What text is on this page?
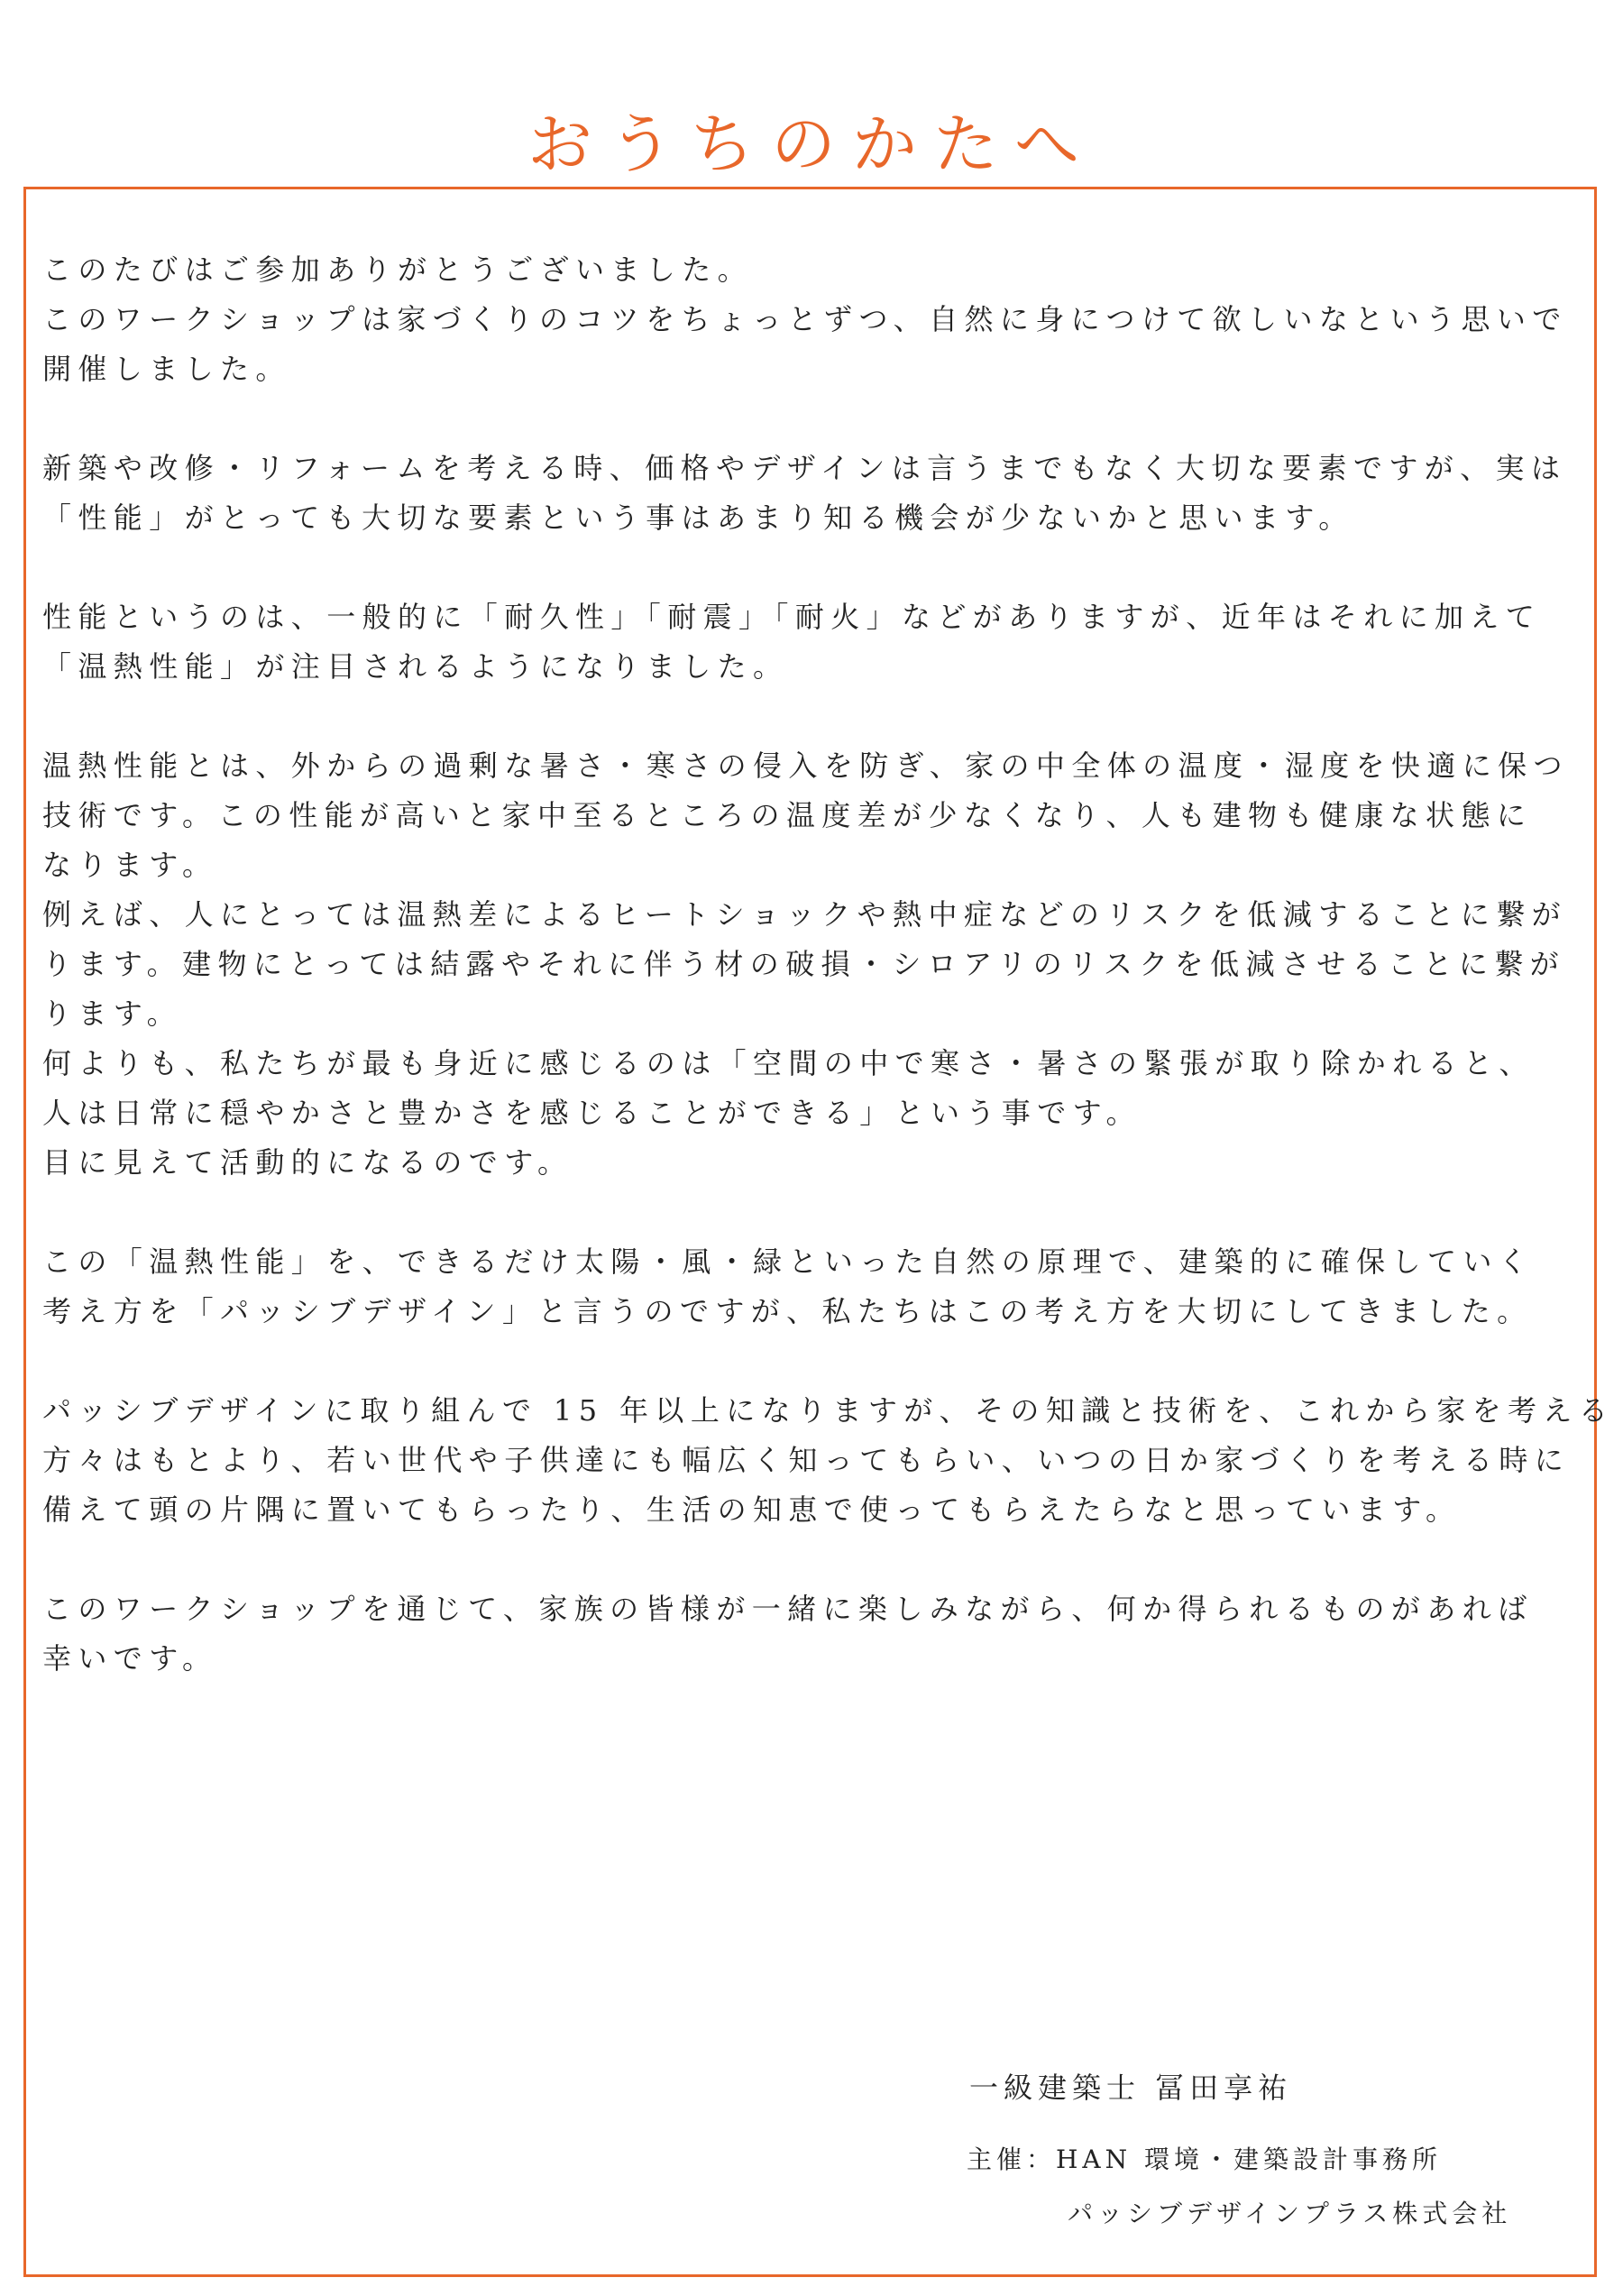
おうちのかたへ
このたびはご参加ありがとうございました。
このワークショップは家づくりのコツをちょっとずつ、自然に身につけて欲しいなという思いで
開催しました。
新築や改修・リフォームを考える時、価格やデザインは言うまでもなく大切な要素ですが、実は
「性能」がとっても大切な要素という事はあまり知る機会が少ないかと思います。
性能というのは、一般的に「耐久性」「耐震」「耐火」などがありますが、近年はそれに加えて
「温熱性能」が注目されるようになりました。
温熱性能とは、外からの過剰な暑さ・寒さの侵入を防ぎ、家の中全体の温度・湿度を快適に保つ
技術です。この性能が高いと家中至るところの温度差が少なくなり、人も建物も健康な状態に
なります。
例えば、人にとっては温熱差によるヒートショックや熱中症などのリスクを低減することに繋が
ります。建物にとっては結露やそれに伴う材の破損・シロアリのリスクを低減させることに繋が
ります。
何よりも、私たちが最も身近に感じるのは「空間の中で寒さ・暑さの緊張が取り除かれると、
人は日常に穏やかさと豊かさを感じることができる」という事です。
目に見えて活動的になるのです。
この「温熱性能」を、できるだけ太陽・風・緑といった自然の原理で、建築的に確保していく
考え方を「パッシブデザイン」と言うのですが、私たちはこの考え方を大切にしてきました。
パッシブデザインに取り組んで 15 年以上になりますが、その知識と技術を、これから家を考える
方々はもとより、若い世代や子供達にも幅広く知ってもらい、いつの日か家づくりを考える時に
備えて頭の片隅に置いてもらったり、生活の知恵で使ってもらえたらなと思っています。
このワークショップを通じて、家族の皆様が一緒に楽しみながら、何か得られるものがあれば
幸いです。
一級建築士 冨田享祐
主催：HAN 環境・建築設計事務所
パッシブデザインプラス株式会社
